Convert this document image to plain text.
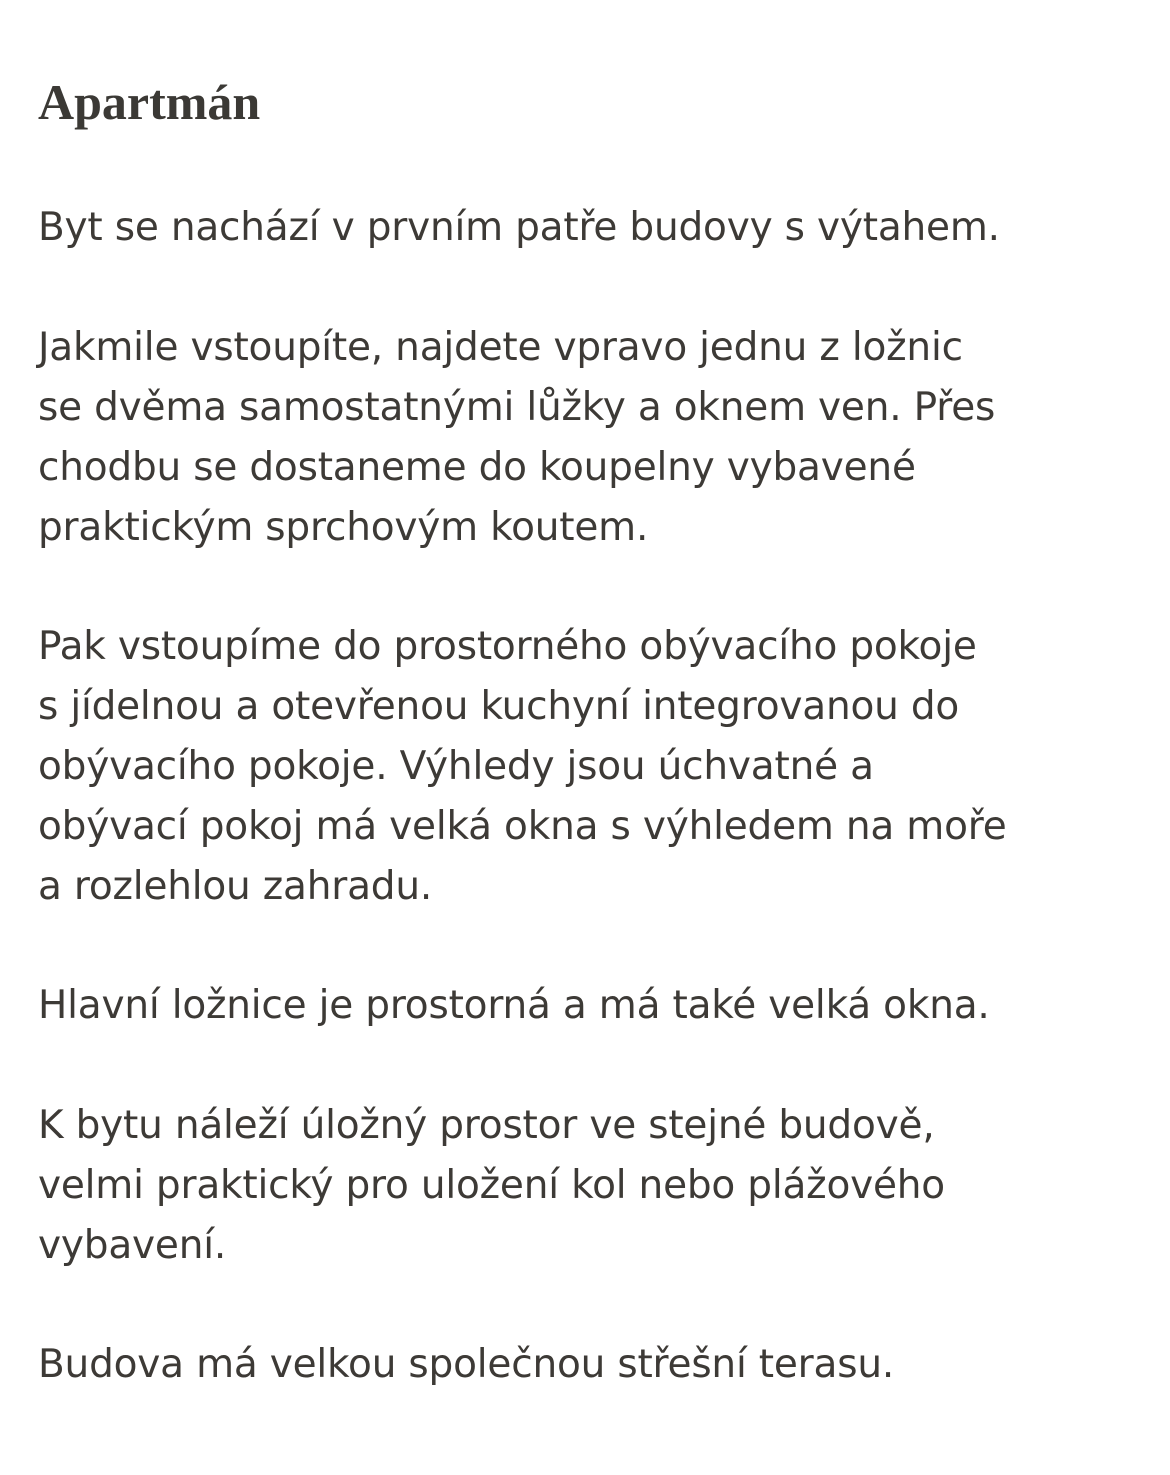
Apartmán

Byt se nachází v prvním patře budovy s výtahem.

Jakmile vstoupíte, najdete vpravo jednu z ložnic
se dvěma samostatnými lůžky a oknem ven. Přes
chodbu se dostaneme do koupelny vybavené
praktickým sprchovým koutem.

Pak vstoupíme do prostorného obývacího pokoje
s jídelnou a otevřenou kuchyní integrovanou do
obývacího pokoje. Výhledy jsou úchvatné a
obývací pokoj má velká okna s výhledem na moře
a rozlehlou zahradu.

Hlavní ložnice je prostorná a má také velká okna.

K bytu náleží úložný prostor ve stejné budově,
velmi praktický pro uložení kol nebo plážového
vybavení.

Budova má velkou společnou střešní terasu.
